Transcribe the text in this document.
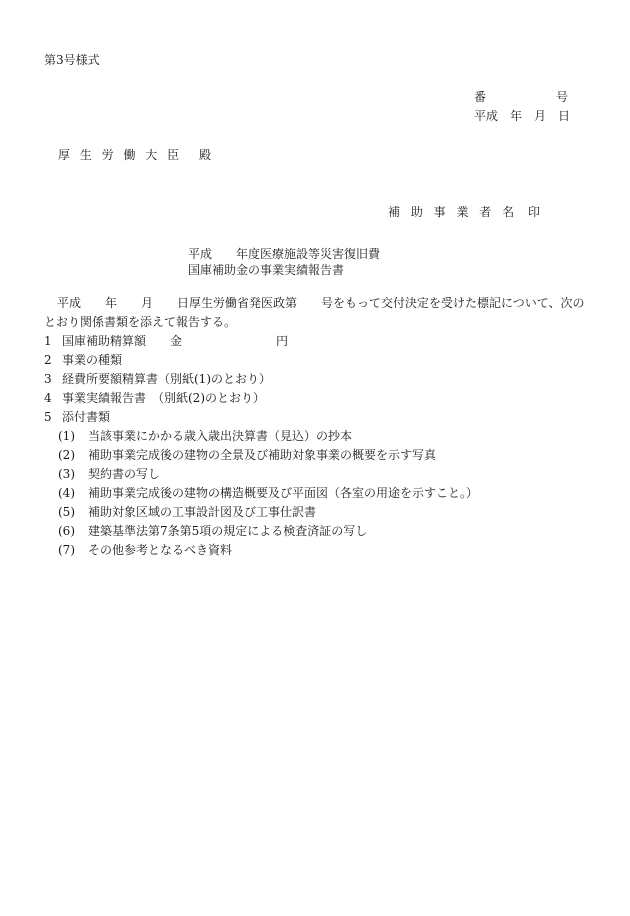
第3号様式
番	号
平成　年　月　日
厚 生 労 働 大 臣 殿
補 助 事 業 者 名 印
平成　　年度医療施設等災害復旧費
国庫補助金の事業実績報告書
平成　　年　　月　　日厚生労働省発医政第　　号をもって交付決定を受けた標記について、次の
とおり関係書類を添えて報告する。
1 国庫補助精算額 金	円
2 事業の種類
3 経費所要額精算書（別紙(1)のとおり）
4 事業実績報告書　（別紙(2)のとおり）
5 添付書類
(1) 当該事業にかかる歳入歳出決算書（見込）の抄本
(2) 補助事業完成後の建物の全景及び補助対象事業の概要を示す写真
(3) 契約書の写し
(4) 補助事業完成後の建物の構造概要及び平面図（各室の用途を示すこと。）
(5) 補助対象区域の工事設計図及び工事仕訳書
(6) 建築基準法第7条第5項の規定による検査済証の写し
(7) その他参考となるべき資料
